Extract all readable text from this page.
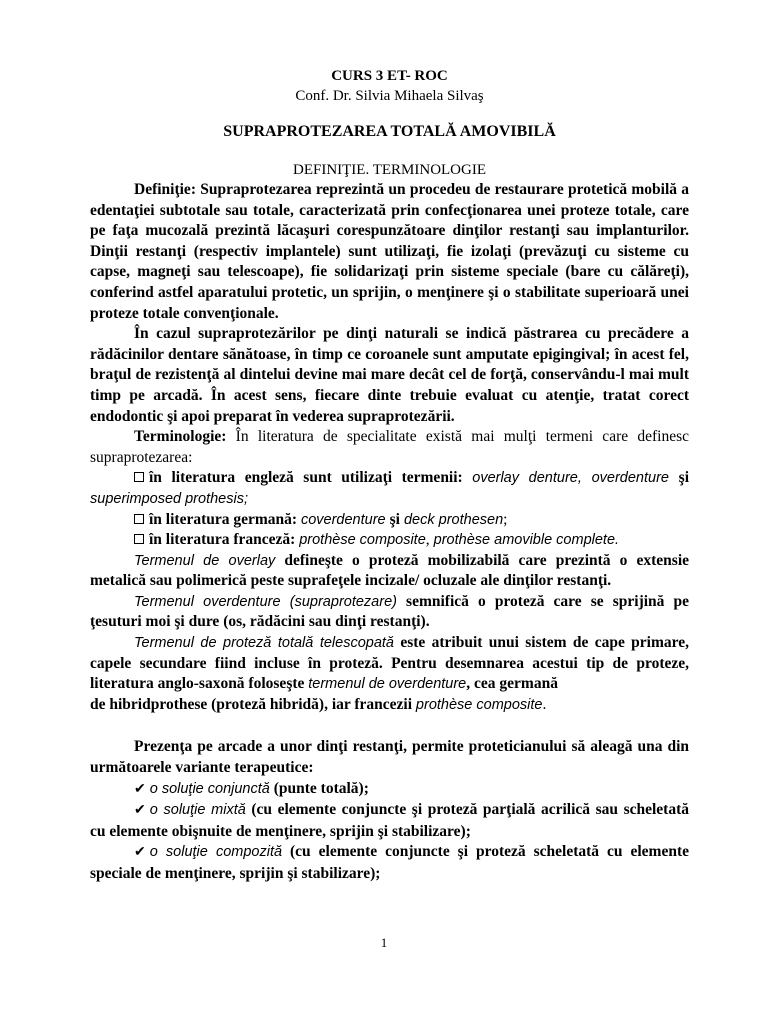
CURS 3 ET- ROC
Conf. Dr. Silvia Mihaela Silvaş
SUPRAPROTEZAREA TOTALĂ AMOVIBILĂ
DEFINIŢIE. TERMINOLOGIE

Definiţie: Supraprotezarea reprezintă un procedeu de restaurare protetică mobilă a edentaţiei subtotale sau totale, caracterizată prin confecţionarea unei proteze totale, care pe faţa mucozală prezintă lăcaşuri corespunzătoare dinţilor restanţi sau implanturilor. Dinţii restanţi (respectiv implantele) sunt utilizaţi, fie izolaţi (prevăzuţi cu sisteme cu capse, magneţi sau telescoape), fie solidarizaţi prin sisteme speciale (bare cu călăreţi), conferind astfel aparatului protetic, un sprijin, o menţinere şi o stabilitate superioară unei proteze totale convenţionale.

În cazul supraprotezărilor pe dinţi naturali se indică păstrarea cu precădere a rădăcinilor dentare sănătoase, în timp ce coroanele sunt amputate epigingival; în acest fel, braţul de rezistenţă al dintelui devine mai mare decât cel de forţă, conservându-l mai mult timp pe arcadă. În acest sens, fiecare dinte trebuie evaluat cu atenţie, tratat corect endodontic şi apoi preparat în vederea supraprotezării.

Terminologie: În literatura de specialitate există mai mulţi termeni care definesc supraprotezarea:

în literatura engleză sunt utilizaţi termenii: overlay denture, overdenture şi superimposed prothesis;

în literatura germană: coverdenture şi deck prothesen;

în literatura franceză: prothèse composite, prothèse amovible complete.

Termenul de overlay defineşte o proteză mobilizabilă care prezintă o extensie metalică sau polimerică peste suprafeţele incizale/ ocluzale ale dinţilor restanţi.

Termenul overdenture (supraprotezare) semnifică o proteză care se sprijină pe ţesuturi moi şi dure (os, rădăcini sau dinţi restanţi).

Termenul de proteză totală telescopată este atribuit unui sistem de cape primare, capele secundare fiind incluse în proteză. Pentru desemnarea acestui tip de proteze, literatura anglo-saxonă foloseşte termenul de overdenture, cea germană

de hibridprothese (proteză hibridă), iar francezii prothèse composite.

Prezenţa pe arcade a unor dinţi restanţi, permite proteticianului să aleagă una din următoarele variante terapeutice:

✔ o soluţie conjunctă (punte totală);

✔ o soluţie mixtă (cu elemente conjuncte şi proteză parţială acrilică sau scheletată cu elemente obişnuite de menţinere, sprijin şi stabilizare);

✔ o soluţie compozită (cu elemente conjuncte şi proteză scheletată cu elemente speciale de menţinere, sprijin şi stabilizare);

1
